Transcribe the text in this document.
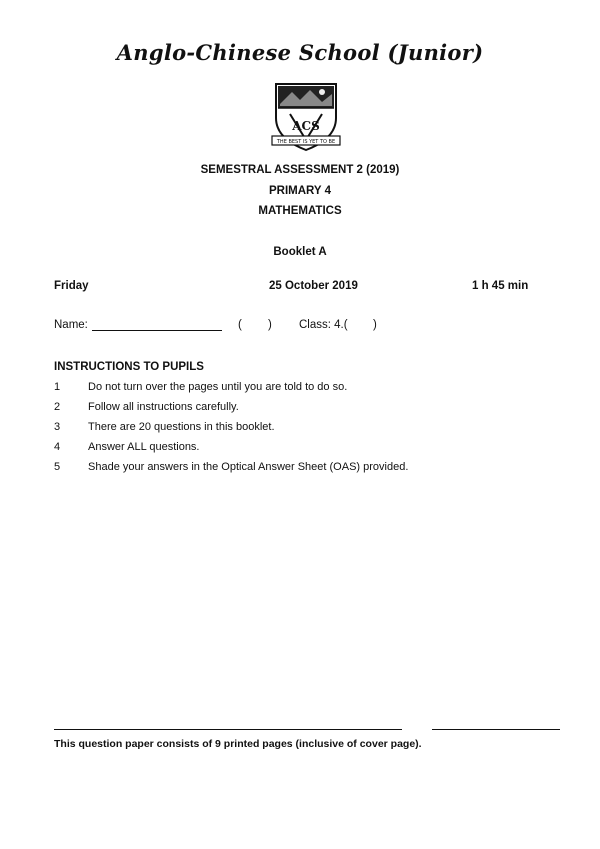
Anglo-Chinese School (Junior)
ACS
THE BEST IS YET TO BE
SEMESTRAL ASSESSMENT 2 (2019)
PRIMARY 4
MATHEMATICS
Booklet A
Friday	25 October 2019	1 h 45 min
Name:	( ) Class: 4.( )
INSTRUCTIONS TO PUPILS
1	Do not turn over the pages until you are told to do so.
2	Follow all instructions carefully.
3	There are 20 questions in this booklet.
4	Answer ALL questions.
5	Shade your answers in the Optical Answer Sheet (OAS) provided.
This question paper consists of 9 printed pages (inclusive of cover page).
